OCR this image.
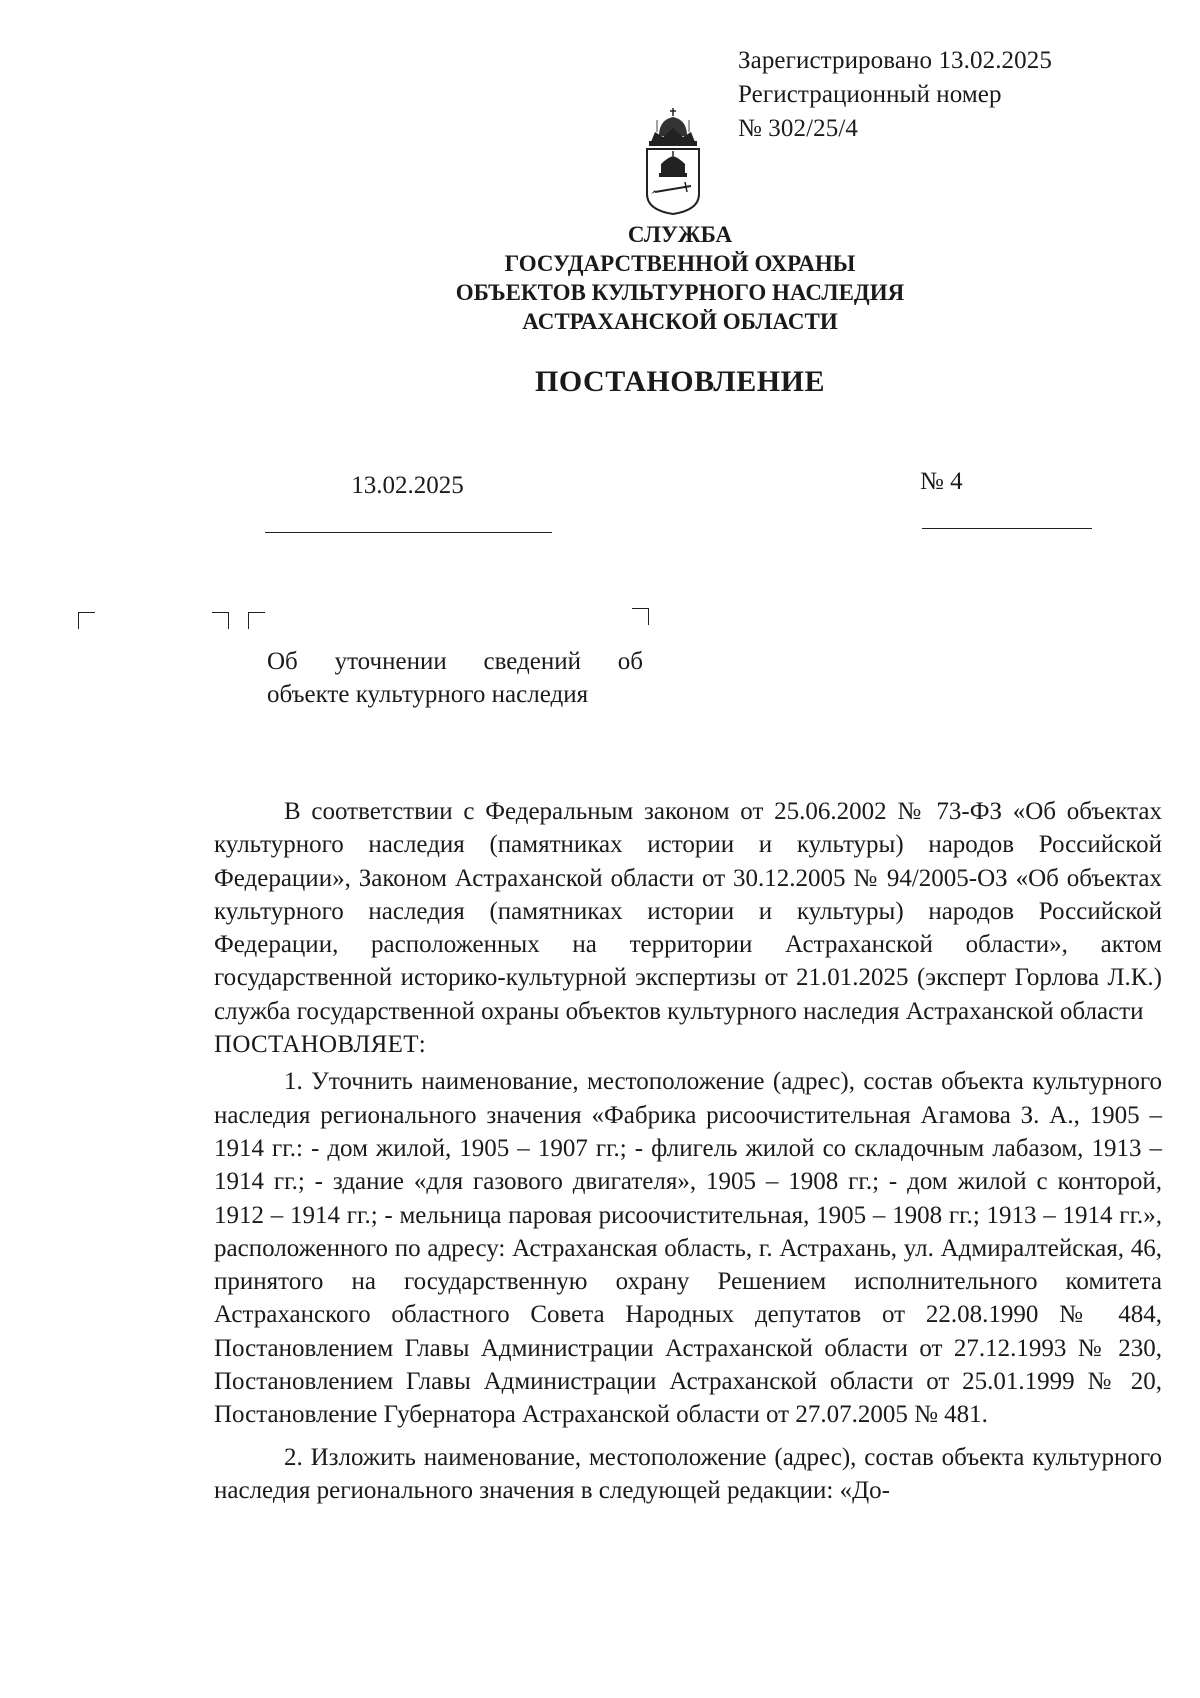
Зарегистрировано 13.02.2025
Регистрационный номер
№ 302/25/4
СЛУЖБА
ГОСУДАРСТВЕННОЙ ОХРАНЫ
ОБЪЕКТОВ КУЛЬТУРНОГО НАСЛЕДИЯ
АСТРАХАНСКОЙ ОБЛАСТИ
ПОСТАНОВЛЕНИЕ
13.02.2025	№ 4
Об уточнении сведений об
объекте культурного наследия

В соответствии с Федеральным законом от 25.06.2002 № 73-ФЗ «Об объектах культурного наследия (памятниках истории и культуры) народов Российской Федерации», Законом Астраханской области от 30.12.2005 № 94/2005-ОЗ «Об объектах культурного наследия (памятниках истории и культуры) народов Российской Федерации, расположенных на территории Астраханской области», актом государственной историко-культурной экспертизы от 21.01.2025 (эксперт Горлова Л.К.) служба государственной охраны объектов культурного наследия Астраханской области

ПОСТАНОВЛЯЕТ:

1. Уточнить наименование, местоположение (адрес), состав объекта культурного наследия регионального значения «Фабрика рисоочистительная Агамова З. А., 1905 – 1914 гг.: - дом жилой, 1905 – 1907 гг.; - флигель жилой со складочным лабазом, 1913 – 1914 гг.; - здание «для газового двигателя», 1905 – 1908 гг.; - дом жилой с конторой, 1912 – 1914 гг.; - мельница паровая рисоочистительная, 1905 – 1908 гг.; 1913 – 1914 гг.», расположенного по адресу: Астраханская область, г. Астрахань, ул. Адмиралтейская, 46, принятого на государственную охрану Решением исполнительного комитета Астраханского областного Совета Народных депутатов от 22.08.1990 № 484, Постановлением Главы Администрации Астраханской области от 27.12.1993 № 230, Постановлением Главы Администрации Астраханской области от 25.01.1999 № 20, Постановление Губернатора Астраханской области от 27.07.2005 № 481.

2. Изложить наименование, местоположение (адрес), состав объекта культурного наследия регионального значения в следующей редакции: «До-
